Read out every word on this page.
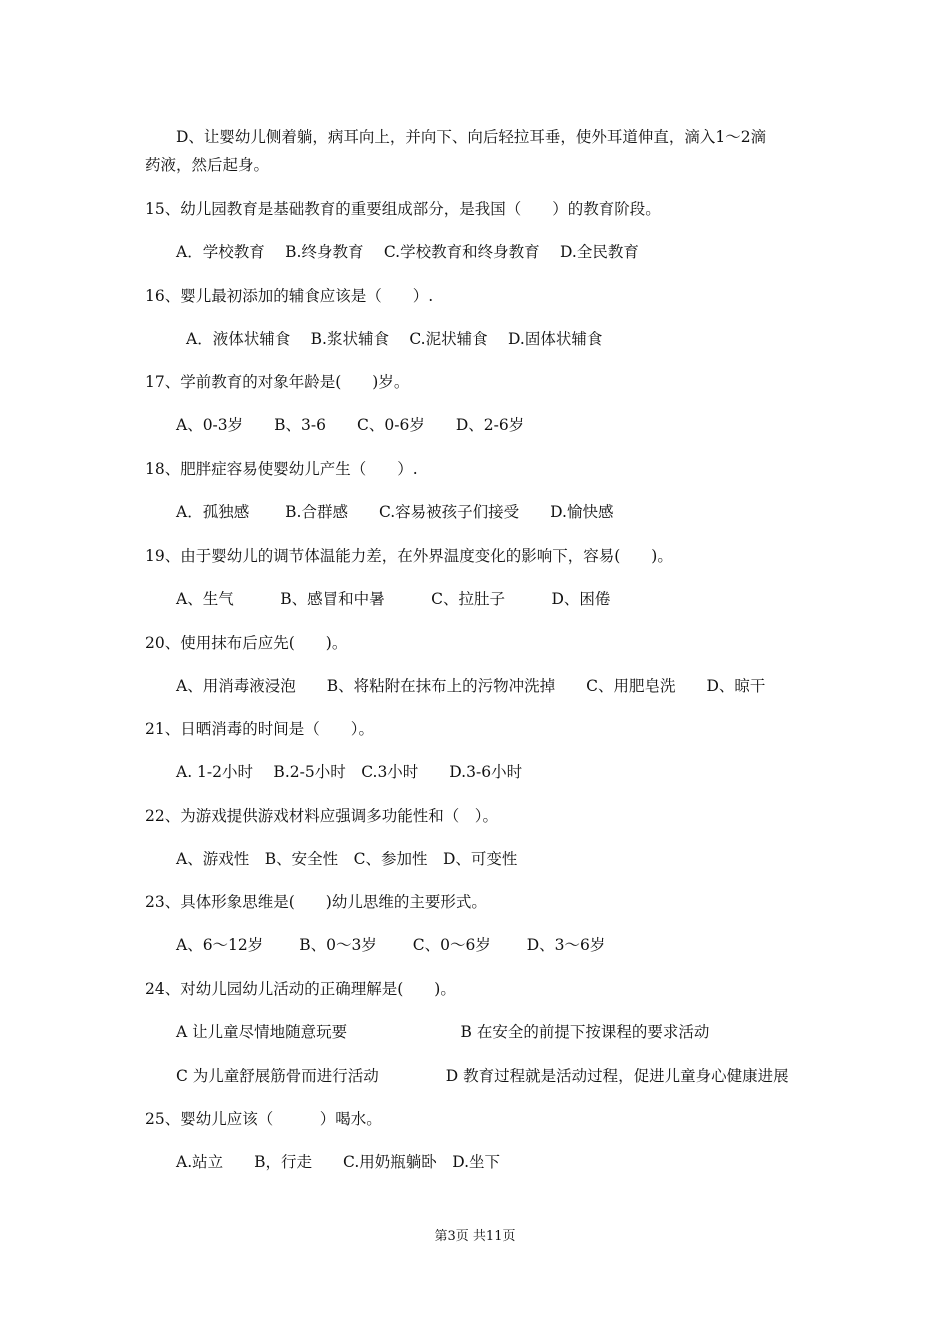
D、让婴幼儿侧着躺，病耳向上，并向下、向后轻拉耳垂，使外耳道伸直，滴入1～2滴
药液，然后起身。
15、幼儿园教育是基础教育的重要组成部分，是我国（　　）的教育阶段。
A．学校教育　 B.终身教育　 C.学校教育和终身教育　 D.全民教育
16、婴儿最初添加的辅食应该是（　　）.
A．液体状辅食　 B.浆状辅食　 C.泥状辅食　 D.固体状辅食
17、学前教育的对象年龄是(　　)岁。
A、0-3岁　　B、3-6　　C、0-6岁　　D、2-6岁
18、肥胖症容易使婴幼儿产生（　　）.
A．孤独感　　 B.合群感　　C.容易被孩子们接受　　D.愉快感
19、由于婴幼儿的调节体温能力差，在外界温度变化的影响下，容易(　　)。
A、生气　　　B、感冒和中暑　　　C、拉肚子　　　D、困倦
20、使用抹布后应先(　　)。
A、用消毒液浸泡　　B、将粘附在抹布上的污物冲洗掉　　C、用肥皂洗　　D、晾干
21、日晒消毒的时间是（　　）。
A. 1-2小时　 B.2-5小时　C.3小时　　D.3-6小时
22、为游戏提供游戏材料应强调多功能性和（　）。
A、游戏性　B、安全性　C、参加性　D、可变性
23、具体形象思维是(　　)幼儿思维的主要形式。
A、6～12岁　　 B、0～3岁　　 C、0～6岁　　 D、3～6岁
24、对幼儿园幼儿活动的正确理解是(　　)。
A 让儿童尽情地随意玩要　　　　　　　 B 在安全的前提下按课程的要求活动
C 为儿童舒展筋骨而进行活动　　　　 D 教育过程就是活动过程，促进儿童身心健康进展
25、婴幼儿应该（　　　）喝水。
A.站立　　B，行走　　C.用奶瓶躺卧　D.坐下
第3页 共11页
